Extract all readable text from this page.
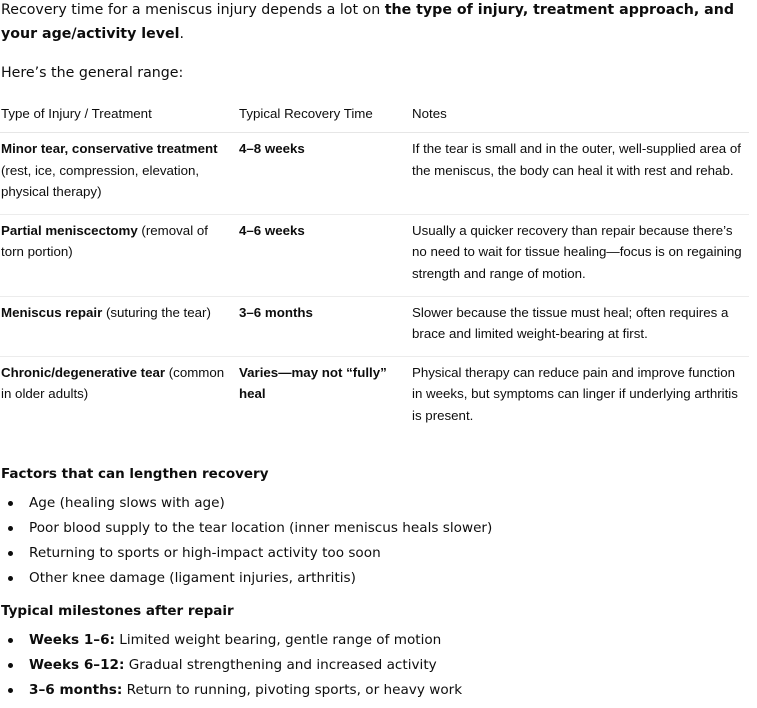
Recovery time for a meniscus injury depends a lot on the type of injury, treatment approach, and your age/activity level.

Here’s the general range:

Type of Injury / Treatment	Typical Recovery Time	Notes
Minor tear, conservative treatment (rest, ice, compression, elevation, physical therapy)	4–8 weeks	If the tear is small and in the outer, well-supplied area of the meniscus, the body can heal it with rest and rehab.
Partial meniscectomy (removal of torn portion)	4–6 weeks	Usually a quicker recovery than repair because there’s no need to wait for tissue healing—focus is on regaining strength and range of motion.
Meniscus repair (suturing the tear)	3–6 months	Slower because the tissue must heal; often requires a brace and limited weight-bearing at first.
Chronic/degenerative tear (common in older adults)	Varies—may not “fully” heal	Physical therapy can reduce pain and improve function in weeks, but symptoms can linger if underlying arthritis is present.
Factors that can lengthen recovery
Age (healing slows with age)
Poor blood supply to the tear location (inner meniscus heals slower)
Returning to sports or high-impact activity too soon
Other knee damage (ligament injuries, arthritis)
Typical milestones after repair
Weeks 1–6: Limited weight bearing, gentle range of motion
Weeks 6–12: Gradual strengthening and increased activity
3–6 months: Return to running, pivoting sports, or heavy work
